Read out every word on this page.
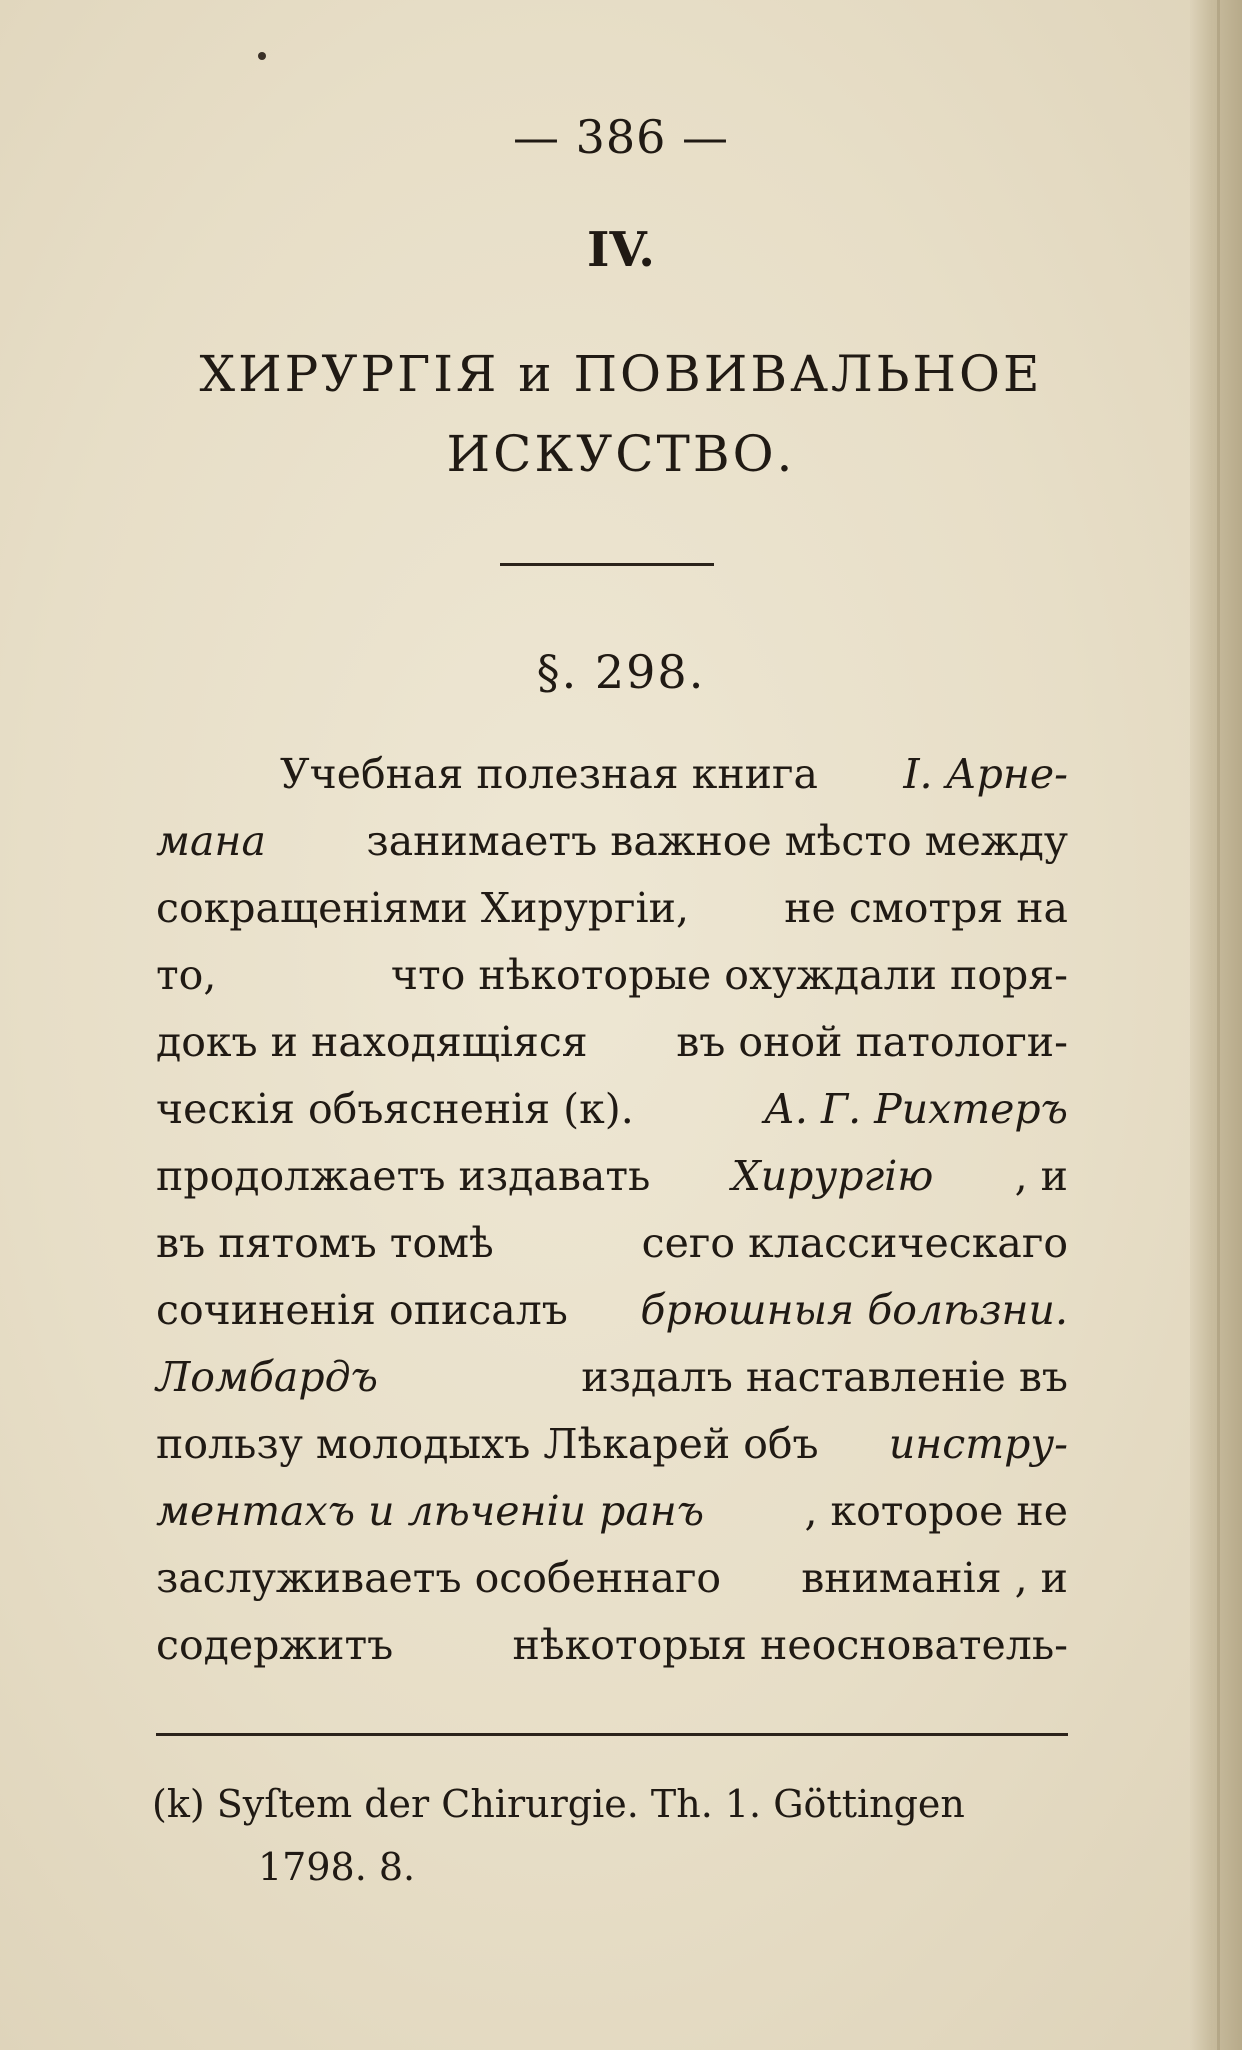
— 386 —
IV.
ХИРУРГІЯ и ПОВИВАЛЬНОЕ
ИСКУСТВО.
§. 298.
Учебная полезная книга I. Арне-
мана занимаетъ важное мѣсто между
сокращеніями Хирургіи, не смотря на
то,	что нѣкоторые охуждали поря-
докъ и находящіяся въ оной патологи-
ческія объясненія (к).	А. Г. Рихтеръ
продолжаетъ издавать Хирургію , и
въ пятомъ томѣ	сего классическаго
сочиненія описалъ брюшныя болѣзни.
Ломбардъ	издалъ наставленіе въ
пользу молодыхъ Лѣкарей объ инстру-
ментахъ и лѣченіи ранъ , которое не
заслуживаетъ особеннаго вниманія , и
содержитъ	нѣкоторыя неоснователь-
(k) Syſtem der Chirurgie. Th. 1. Göttingen
1798. 8.
